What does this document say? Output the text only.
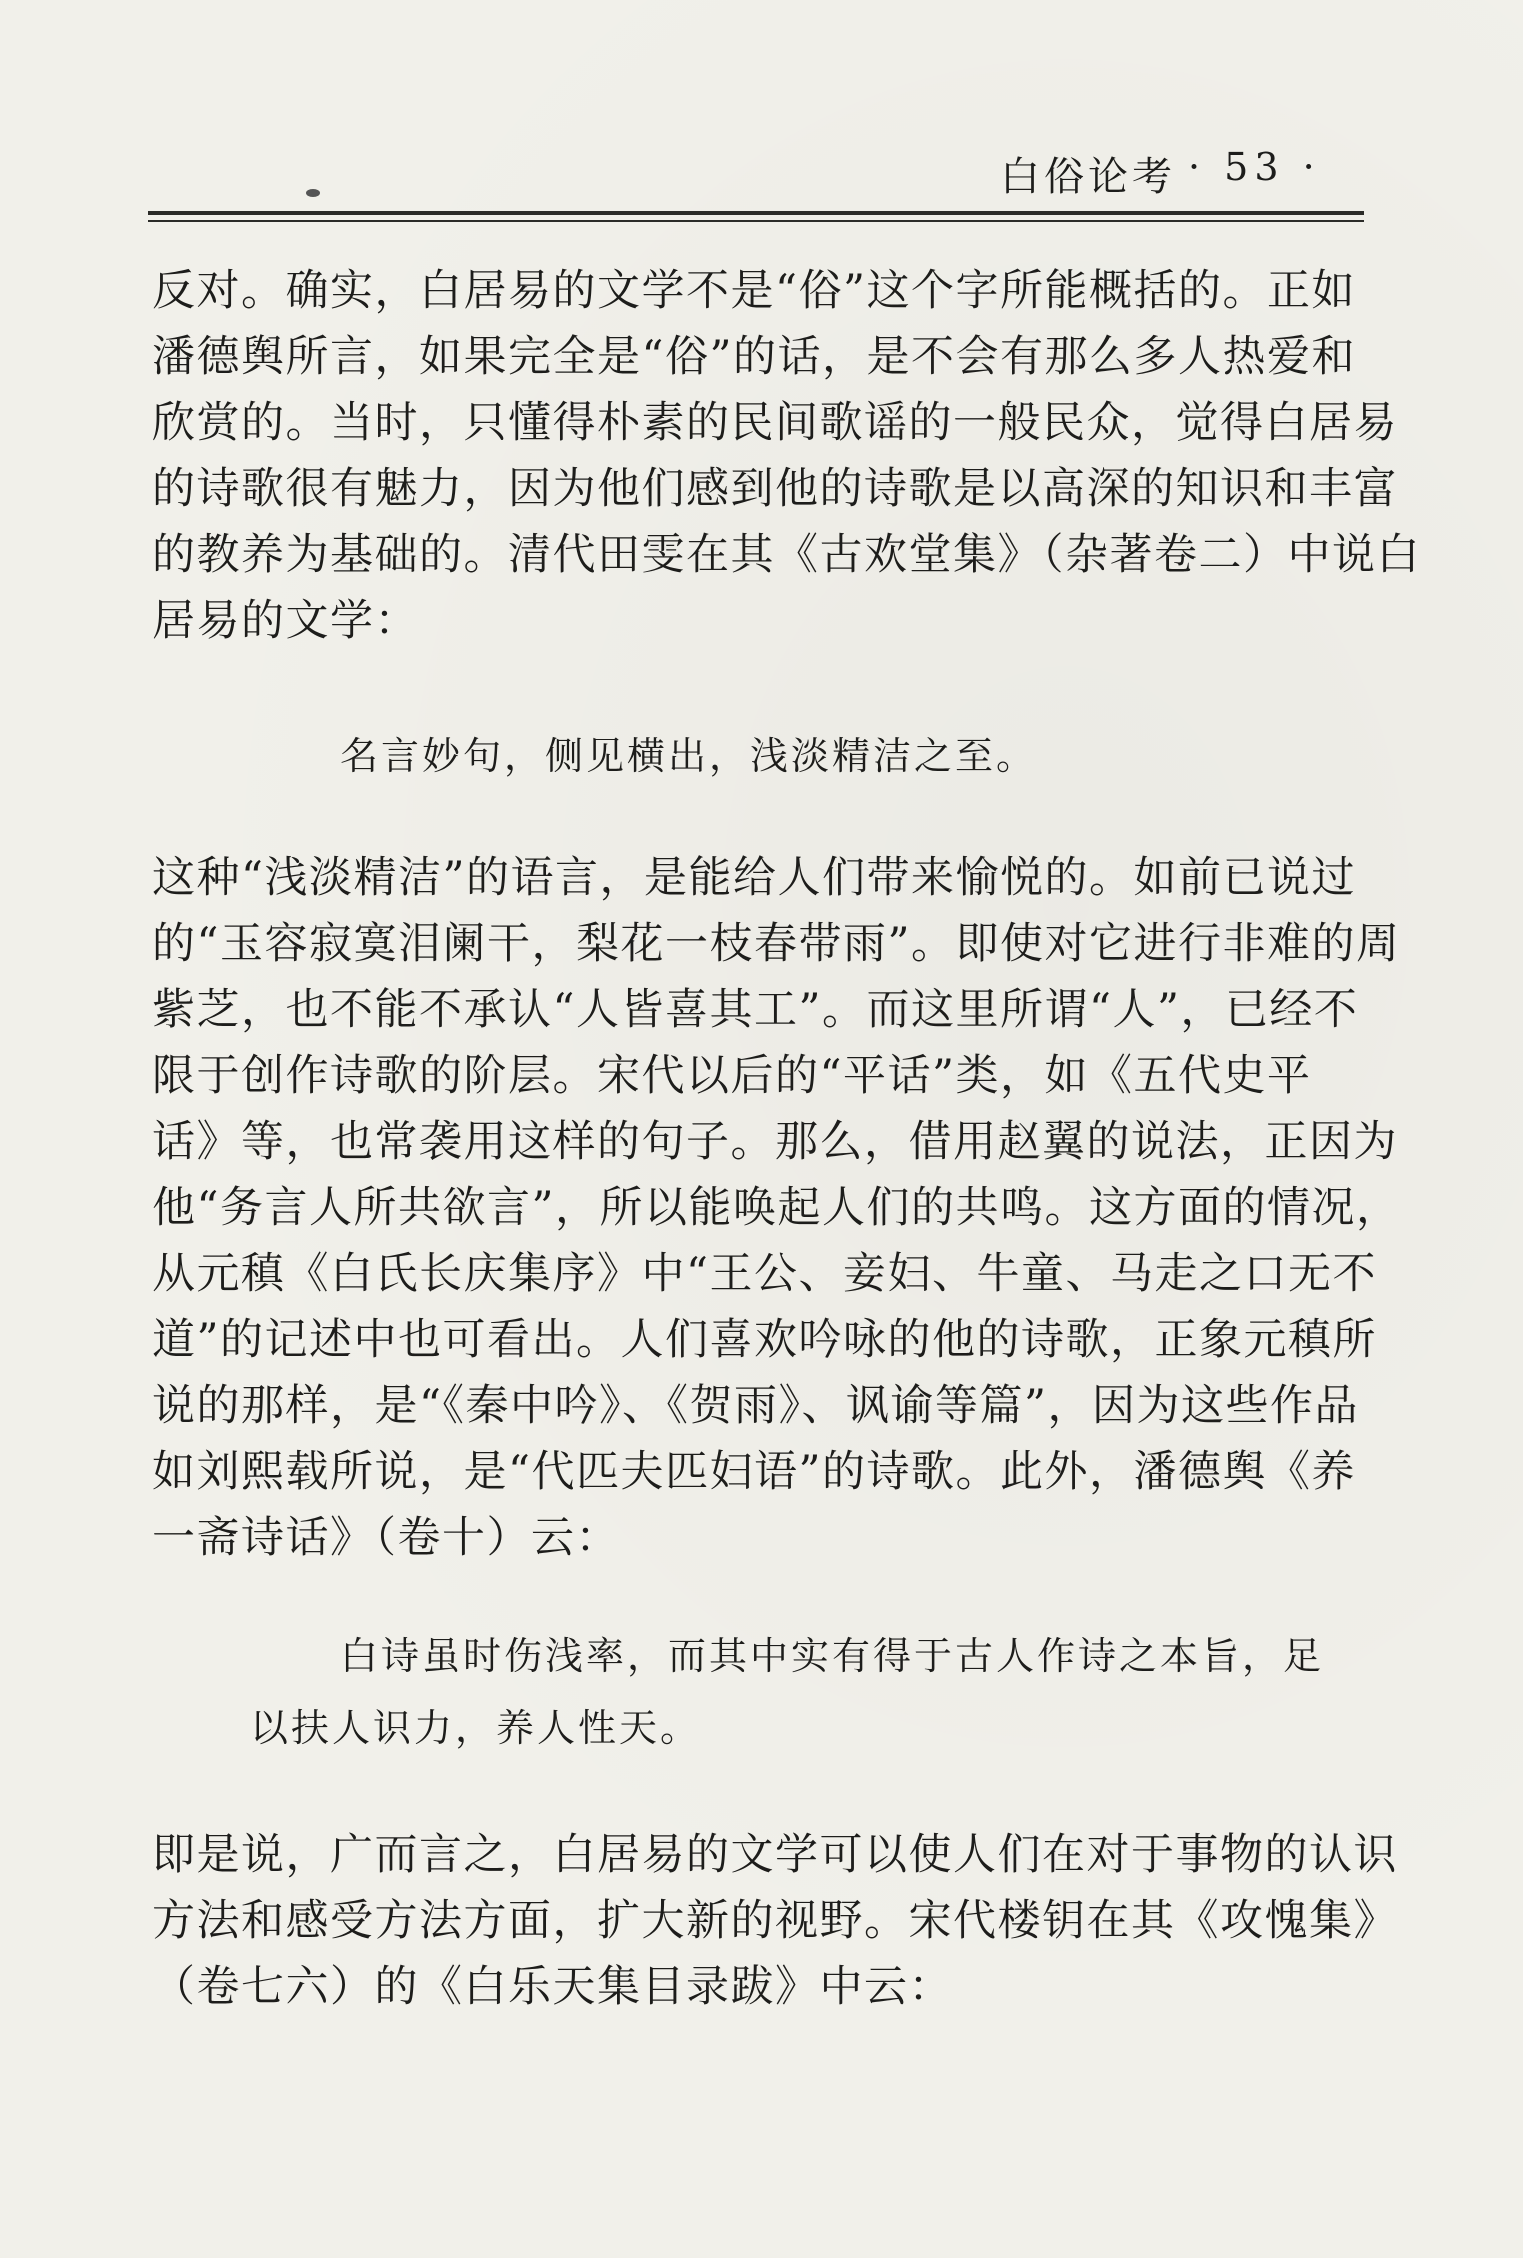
白俗论考 · 53 ·
反对。确实，白居易的文学不是“俗”这个字所能概括的。正如
潘德舆所言，如果完全是“俗”的话，是不会有那么多人热爱和
欣赏的。当时，只懂得朴素的民间歌谣的一般民众，觉得白居易
的诗歌很有魅力，因为他们感到他的诗歌是以高深的知识和丰富
的教养为基础的。清代田雯在其《古欢堂集》（杂著卷二）中说白
居易的文学：
名言妙句，侧见横出，浅淡精洁之至。
这种“浅淡精洁”的语言，是能给人们带来愉悦的。如前已说过
的“玉容寂寞泪阑干，梨花一枝春带雨”。即使对它进行非难的周
紫芝，也不能不承认“人皆喜其工”。而这里所谓“人”，已经不
限于创作诗歌的阶层。宋代以后的“平话”类，如《五代史平
话》等，也常袭用这样的句子。那么，借用赵翼的说法，正因为
他“务言人所共欲言”，所以能唤起人们的共鸣。这方面的情况，
从元稹《白氏长庆集序》中“王公、妾妇、牛童、马走之口无不
道”的记述中也可看出。人们喜欢吟咏的他的诗歌，正象元稹所
说的那样，是“《秦中吟》、《贺雨》、讽谕等篇”，因为这些作品
如刘熙载所说，是“代匹夫匹妇语”的诗歌。此外，潘德舆《养
一斋诗话》（卷十）云：
白诗虽时伤浅率，而其中实有得于古人作诗之本旨，足
以扶人识力，养人性天。
即是说，广而言之，白居易的文学可以使人们在对于事物的认识
方法和感受方法方面，扩大新的视野。宋代楼钥在其《攻愧集》
（卷七六）的《白乐天集目录跋》中云：
